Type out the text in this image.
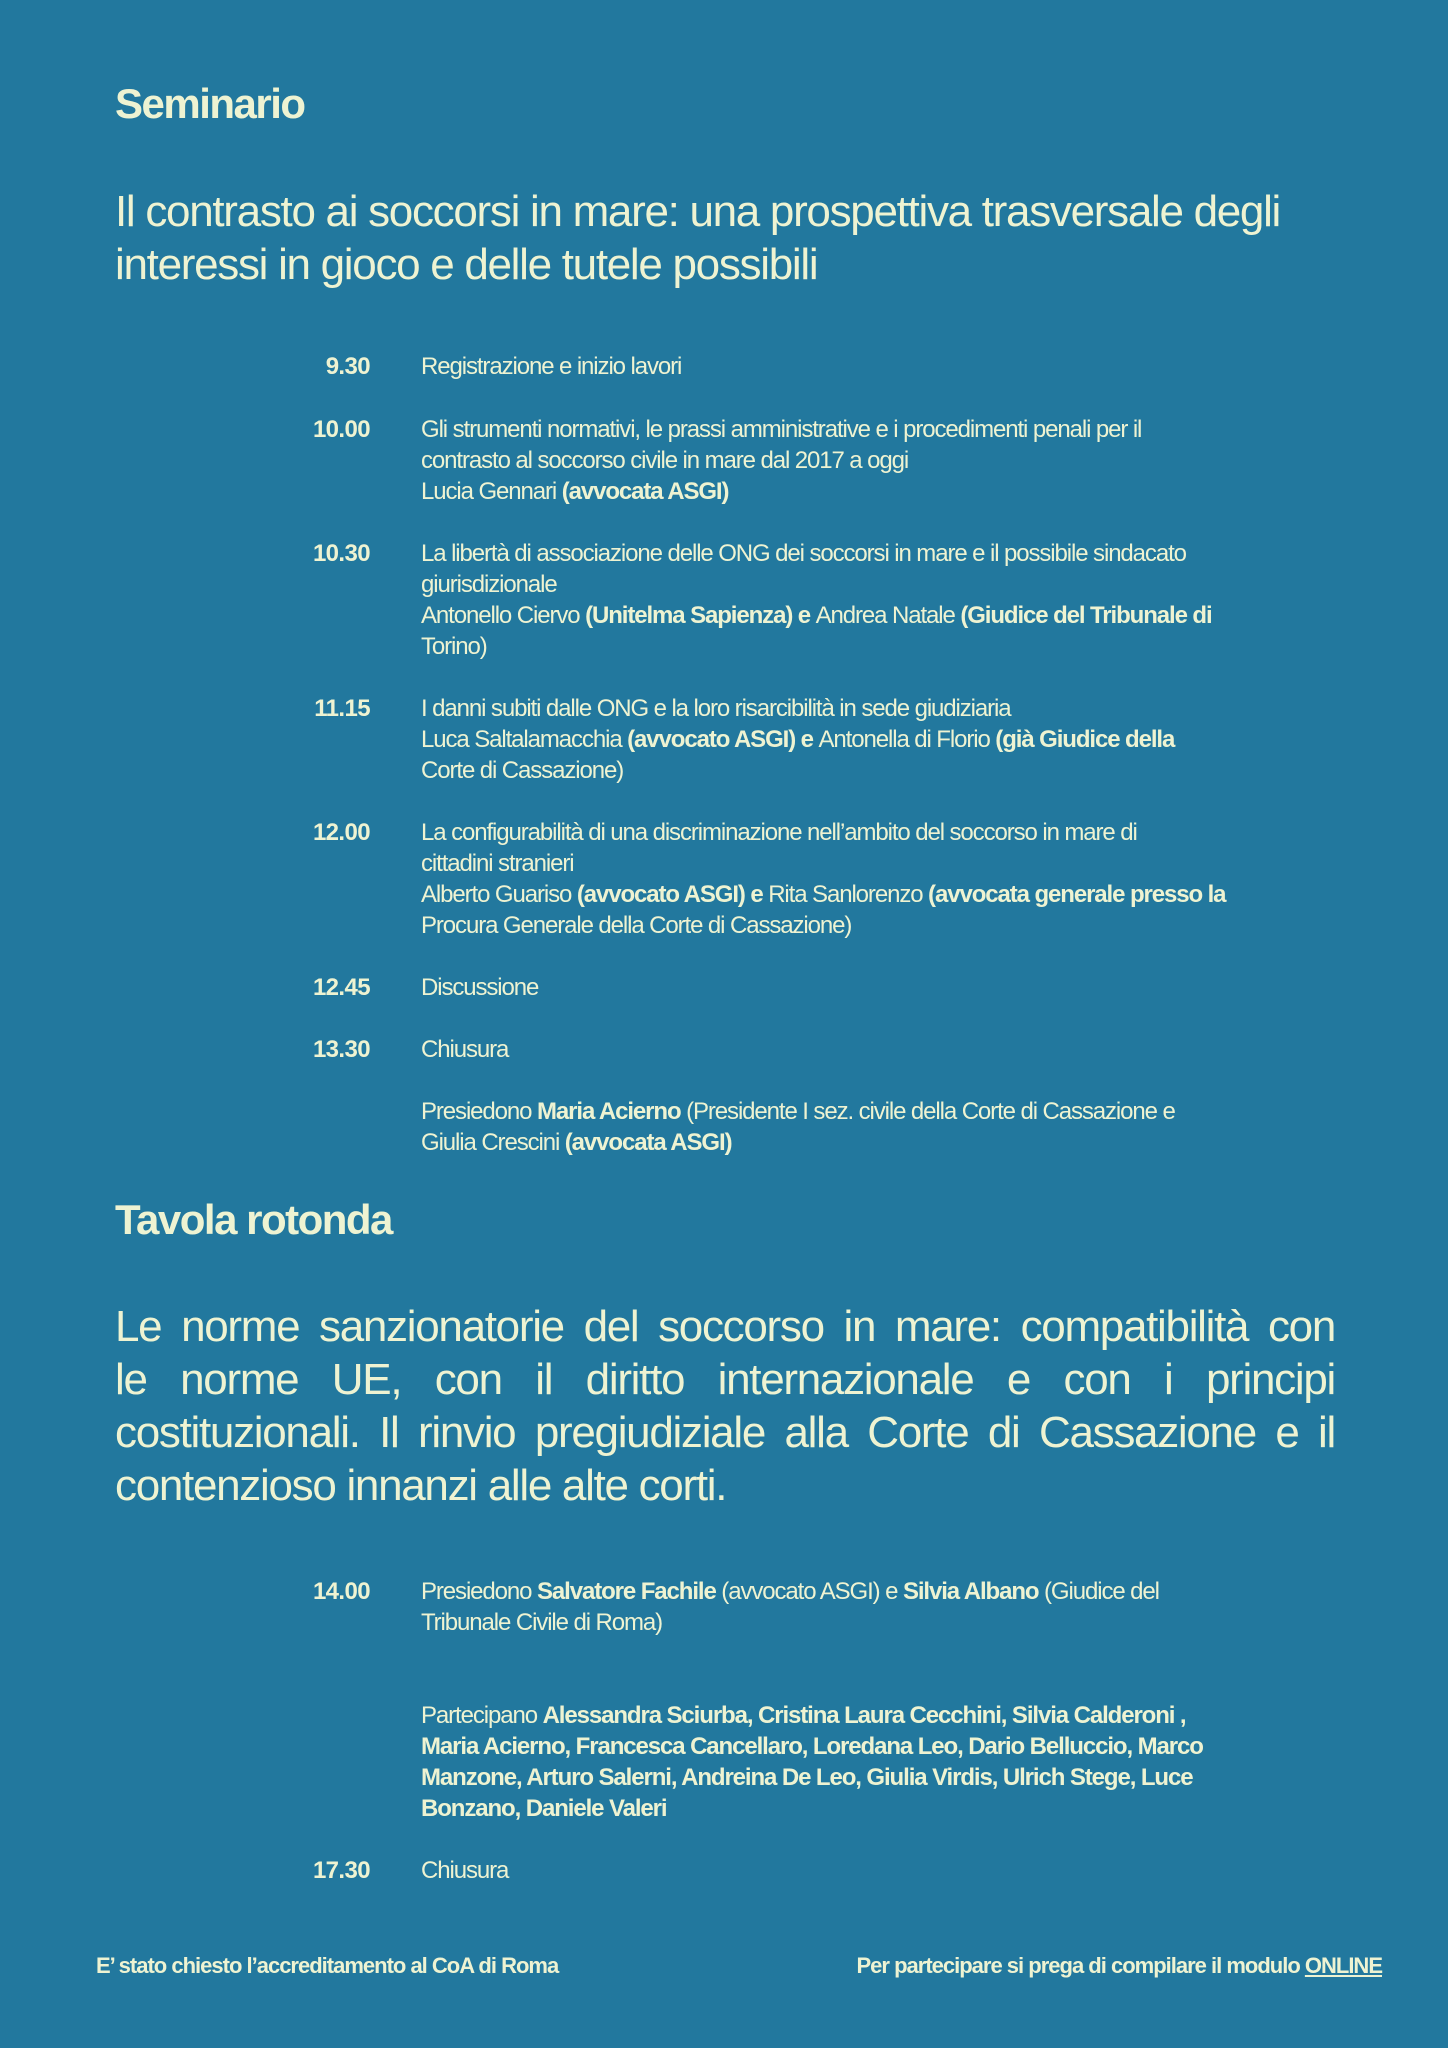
Seminario
Il contrasto ai soccorsi in mare: una prospettiva trasversale degli
interessi in gioco e delle tutele possibili
9.30 Registrazione e inizio lavori
10.00 Gli strumenti normativi, le prassi amministrative e i procedimenti penali per il
contrasto al soccorso civile in mare dal 2017 a oggi
Lucia Gennari (avvocata ASGI)
10.30 La libertà di associazione delle ONG dei soccorsi in mare e il possibile sindacato
giurisdizionale
Antonello Ciervo (Unitelma Sapienza) e Andrea Natale (Giudice del Tribunale di
Torino)
11.15 I danni subiti dalle ONG e la loro risarcibilità in sede giudiziaria
Luca Saltalamacchia (avvocato ASGI) e Antonella di Florio (già Giudice della
Corte di Cassazione)
12.00 La configurabilità di una discriminazione nell’ambito del soccorso in mare di
cittadini stranieri
Alberto Guariso (avvocato ASGI) e Rita Sanlorenzo (avvocata generale presso la
Procura Generale della Corte di Cassazione)
12.45 Discussione
13.30 Chiusura
Presiedono Maria Acierno (Presidente I sez. civile della Corte di Cassazione e
Giulia Crescini (avvocata ASGI)
Tavola rotonda
Le norme sanzionatorie del soccorso in mare: compatibilità con
le norme UE, con il diritto internazionale e con i principi
costituzionali. Il rinvio pregiudiziale alla Corte di Cassazione e il
contenzioso innanzi alle alte corti.
14.00 Presiedono Salvatore Fachile (avvocato ASGI) e Silvia Albano (Giudice del
Tribunale Civile di Roma)
Partecipano Alessandra Sciurba, Cristina Laura Cecchini, Silvia Calderoni ,
Maria Acierno, Francesca Cancellaro, Loredana Leo, Dario Belluccio, Marco
Manzone, Arturo Salerni, Andreina De Leo, Giulia Virdis, Ulrich Stege, Luce
Bonzano, Daniele Valeri
17.30 Chiusura
E’ stato chiesto l’accreditamento al CoA di Roma	Per partecipare si prega di compilare il modulo ONLINE
